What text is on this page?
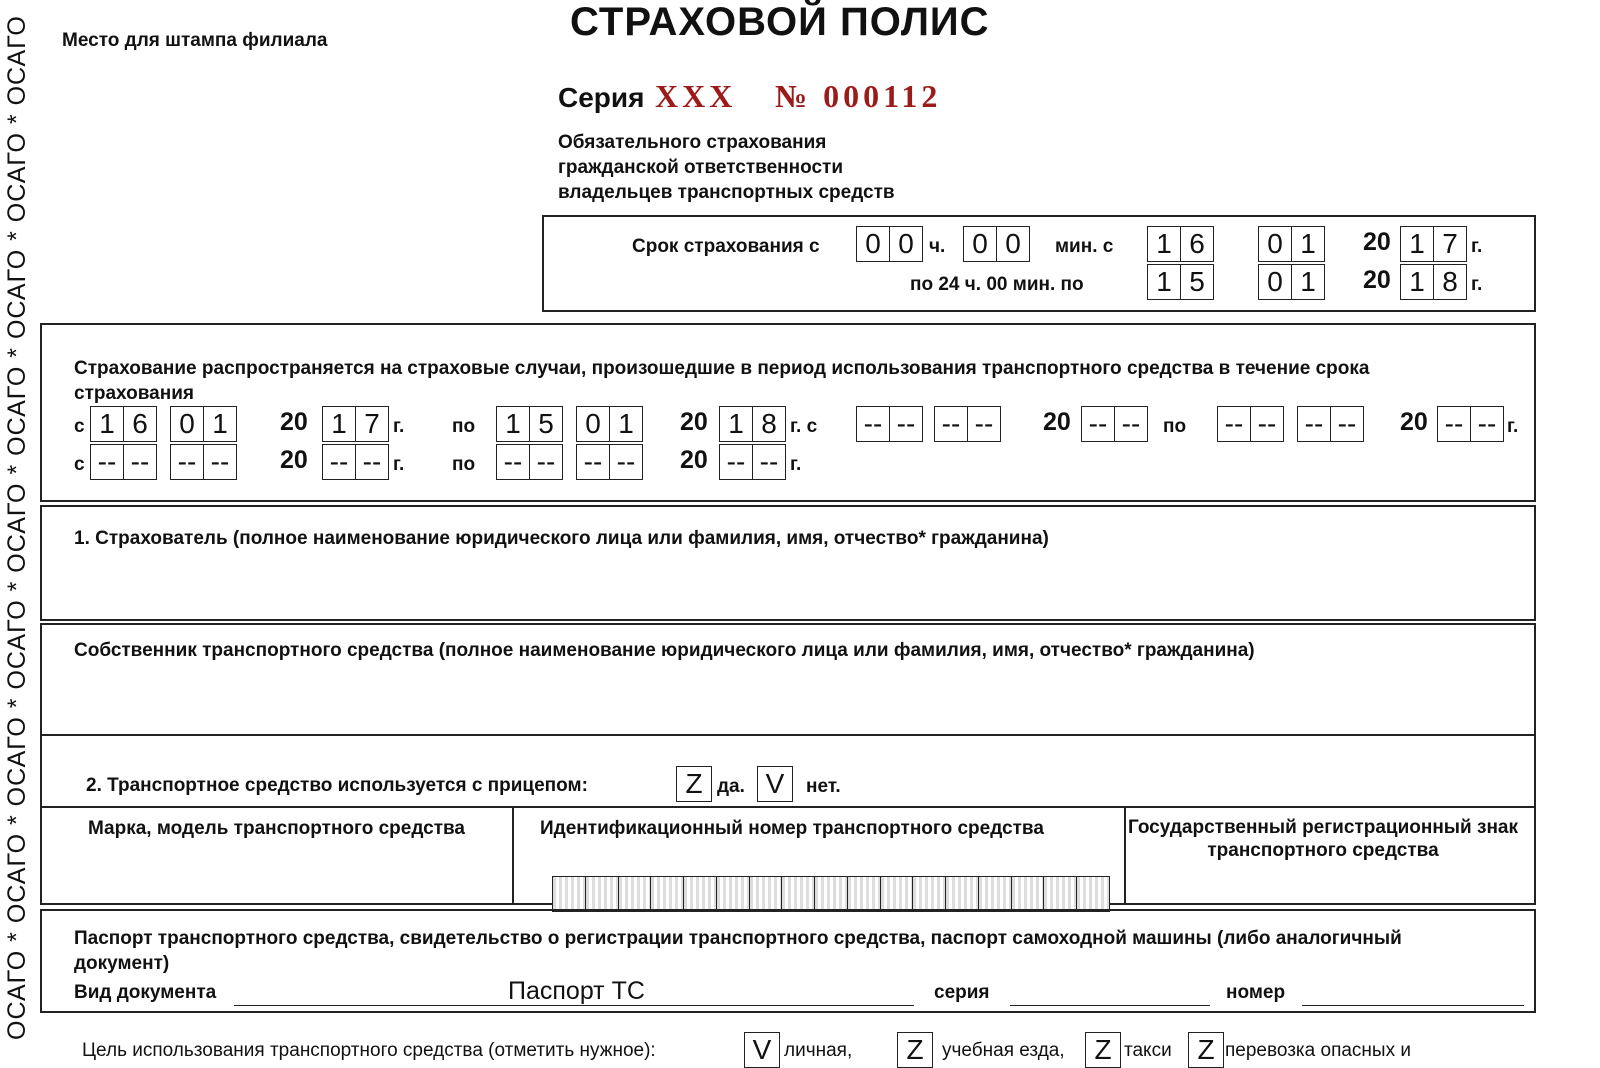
ОСАГО * ОСАГО * ОСАГО * ОСАГО * ОСАГО * ОСАГО * ОСАГО * ОСАГО * ОСАГО	Место для штампа филиала	СТРАХОВОЙ ПОЛИС
Серия XXX № 000112
Обязательного страхования
гражданской ответственности
владельцев транспортных средств
Срок страхования с 0 0 ч. 0 0	мин. с 1 6 0 1	20 1 7 г.
по 24 ч. 00 мин. по	1 5 0 1	20 1 8 г.
Страхование распространяется на страховые случаи, произошедшие в период использования транспортного средства в течение срока страхования
с 1 6 0 1	20 1 7 г.	по 1 5 0 1	20 1 8 г. с -- -- -- -- 20 -- --	по -- -- -- -- 20 -- -- г.
с -- -- -- -- 20 -- -- г.	по -- -- -- -- 20 -- -- г.
1. Страхователь (полное наименование юридического лица или фамилия, имя, отчество* гражданина)
Собственник транспортного средства (полное наименование юридического лица или фамилия, имя, отчество* гражданина)
2. Транспортное средство используется с прицепом:	Z да. V	нет.
Марка, модель транспортного средства	Идентификационный номер транспортного средства	Государственный регистрационный знак транспортного средства
Паспорт транспортного средства, свидетельство о регистрации транспортного средства, паспорт самоходной машины (либо аналогичный документ)
Вид документа	Паспорт ТС	серия	номер
Цель использования транспортного средства (отметить нужное):	V личная,	Z учебная езда,	Z такси Z перевозка опасных и
